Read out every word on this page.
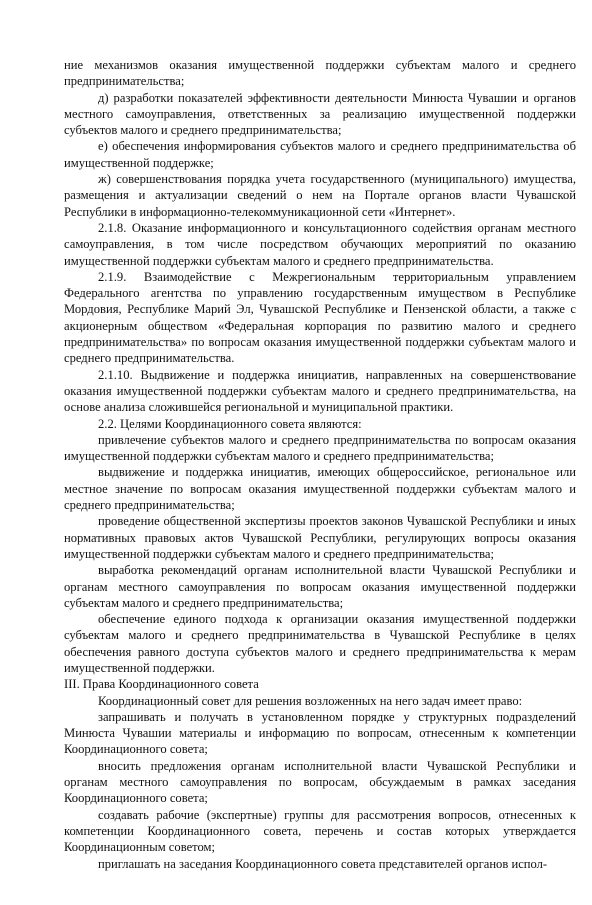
ние механизмов оказания имущественной поддержки субъектам малого и среднего предпринимательства;

д) разработки показателей эффективности деятельности Минюста Чувашии и органов местного самоуправления, ответственных за реализацию имущественной поддержки субъектов малого и среднего предпринимательства;

е) обеспечения информирования субъектов малого и среднего предпринимательства об имущественной поддержке;

ж) совершенствования порядка учета государственного (муниципального) имущества, размещения и актуализации сведений о нем на Портале органов власти Чувашской Республики в информационно-телекоммуникационной сети «Интернет».

2.1.8. Оказание информационного и консультационного содействия органам местного самоуправления, в том числе посредством обучающих мероприятий по оказанию имущественной поддержки субъектам малого и среднего предпринимательства.

2.1.9. Взаимодействие с Межрегиональным территориальным управлением Федерального агентства по управлению государственным имуществом в Республике Мордовия, Республике Марий Эл, Чувашской Республике и Пензенской области, а также с акционерным обществом «Федеральная корпорация по развитию малого и среднего предпринимательства» по вопросам оказания имущественной поддержки субъектам малого и среднего предпринимательства.

2.1.10. Выдвижение и поддержка инициатив, направленных на совершенствование оказания имущественной поддержки субъектам малого и среднего предпринимательства, на основе анализа сложившейся региональной и муниципальной практики.

2.2. Целями Координационного совета являются:

привлечение субъектов малого и среднего предпринимательства по вопросам оказания имущественной поддержки субъектам малого и среднего предпринимательства;

выдвижение и поддержка инициатив, имеющих общероссийское, региональное или местное значение по вопросам оказания имущественной поддержки субъектам малого и среднего предпринимательства;

проведение общественной экспертизы проектов законов Чувашской Республики и иных нормативных правовых актов Чувашской Республики, регулирующих вопросы оказания имущественной поддержки субъектам малого и среднего предпринимательства;

выработка рекомендаций органам исполнительной власти Чувашской Республики и органам местного самоуправления по вопросам оказания имущественной поддержки субъектам малого и среднего предпринимательства;

обеспечение единого подхода к организации оказания имущественной поддержки субъектам малого и среднего предпринимательства в Чувашской Республике в целях обеспечения равного доступа субъектов малого и среднего предпринимательства к мерам имущественной поддержки.

III. Права Координационного совета

Координационный совет для решения возложенных на него задач имеет право:

запрашивать и получать в установленном порядке у структурных подразделений Минюста Чувашии материалы и информацию по вопросам, отнесенным к компетенции Координационного совета;

вносить предложения органам исполнительной власти Чувашской Республики и органам местного самоуправления по вопросам, обсуждаемым в рамках заседания Координационного совета;

создавать рабочие (экспертные) группы для рассмотрения вопросов, отнесенных к компетенции Координационного совета, перечень и состав которых утверждается Координационным советом;

приглашать на заседания Координационного совета представителей органов испол-
